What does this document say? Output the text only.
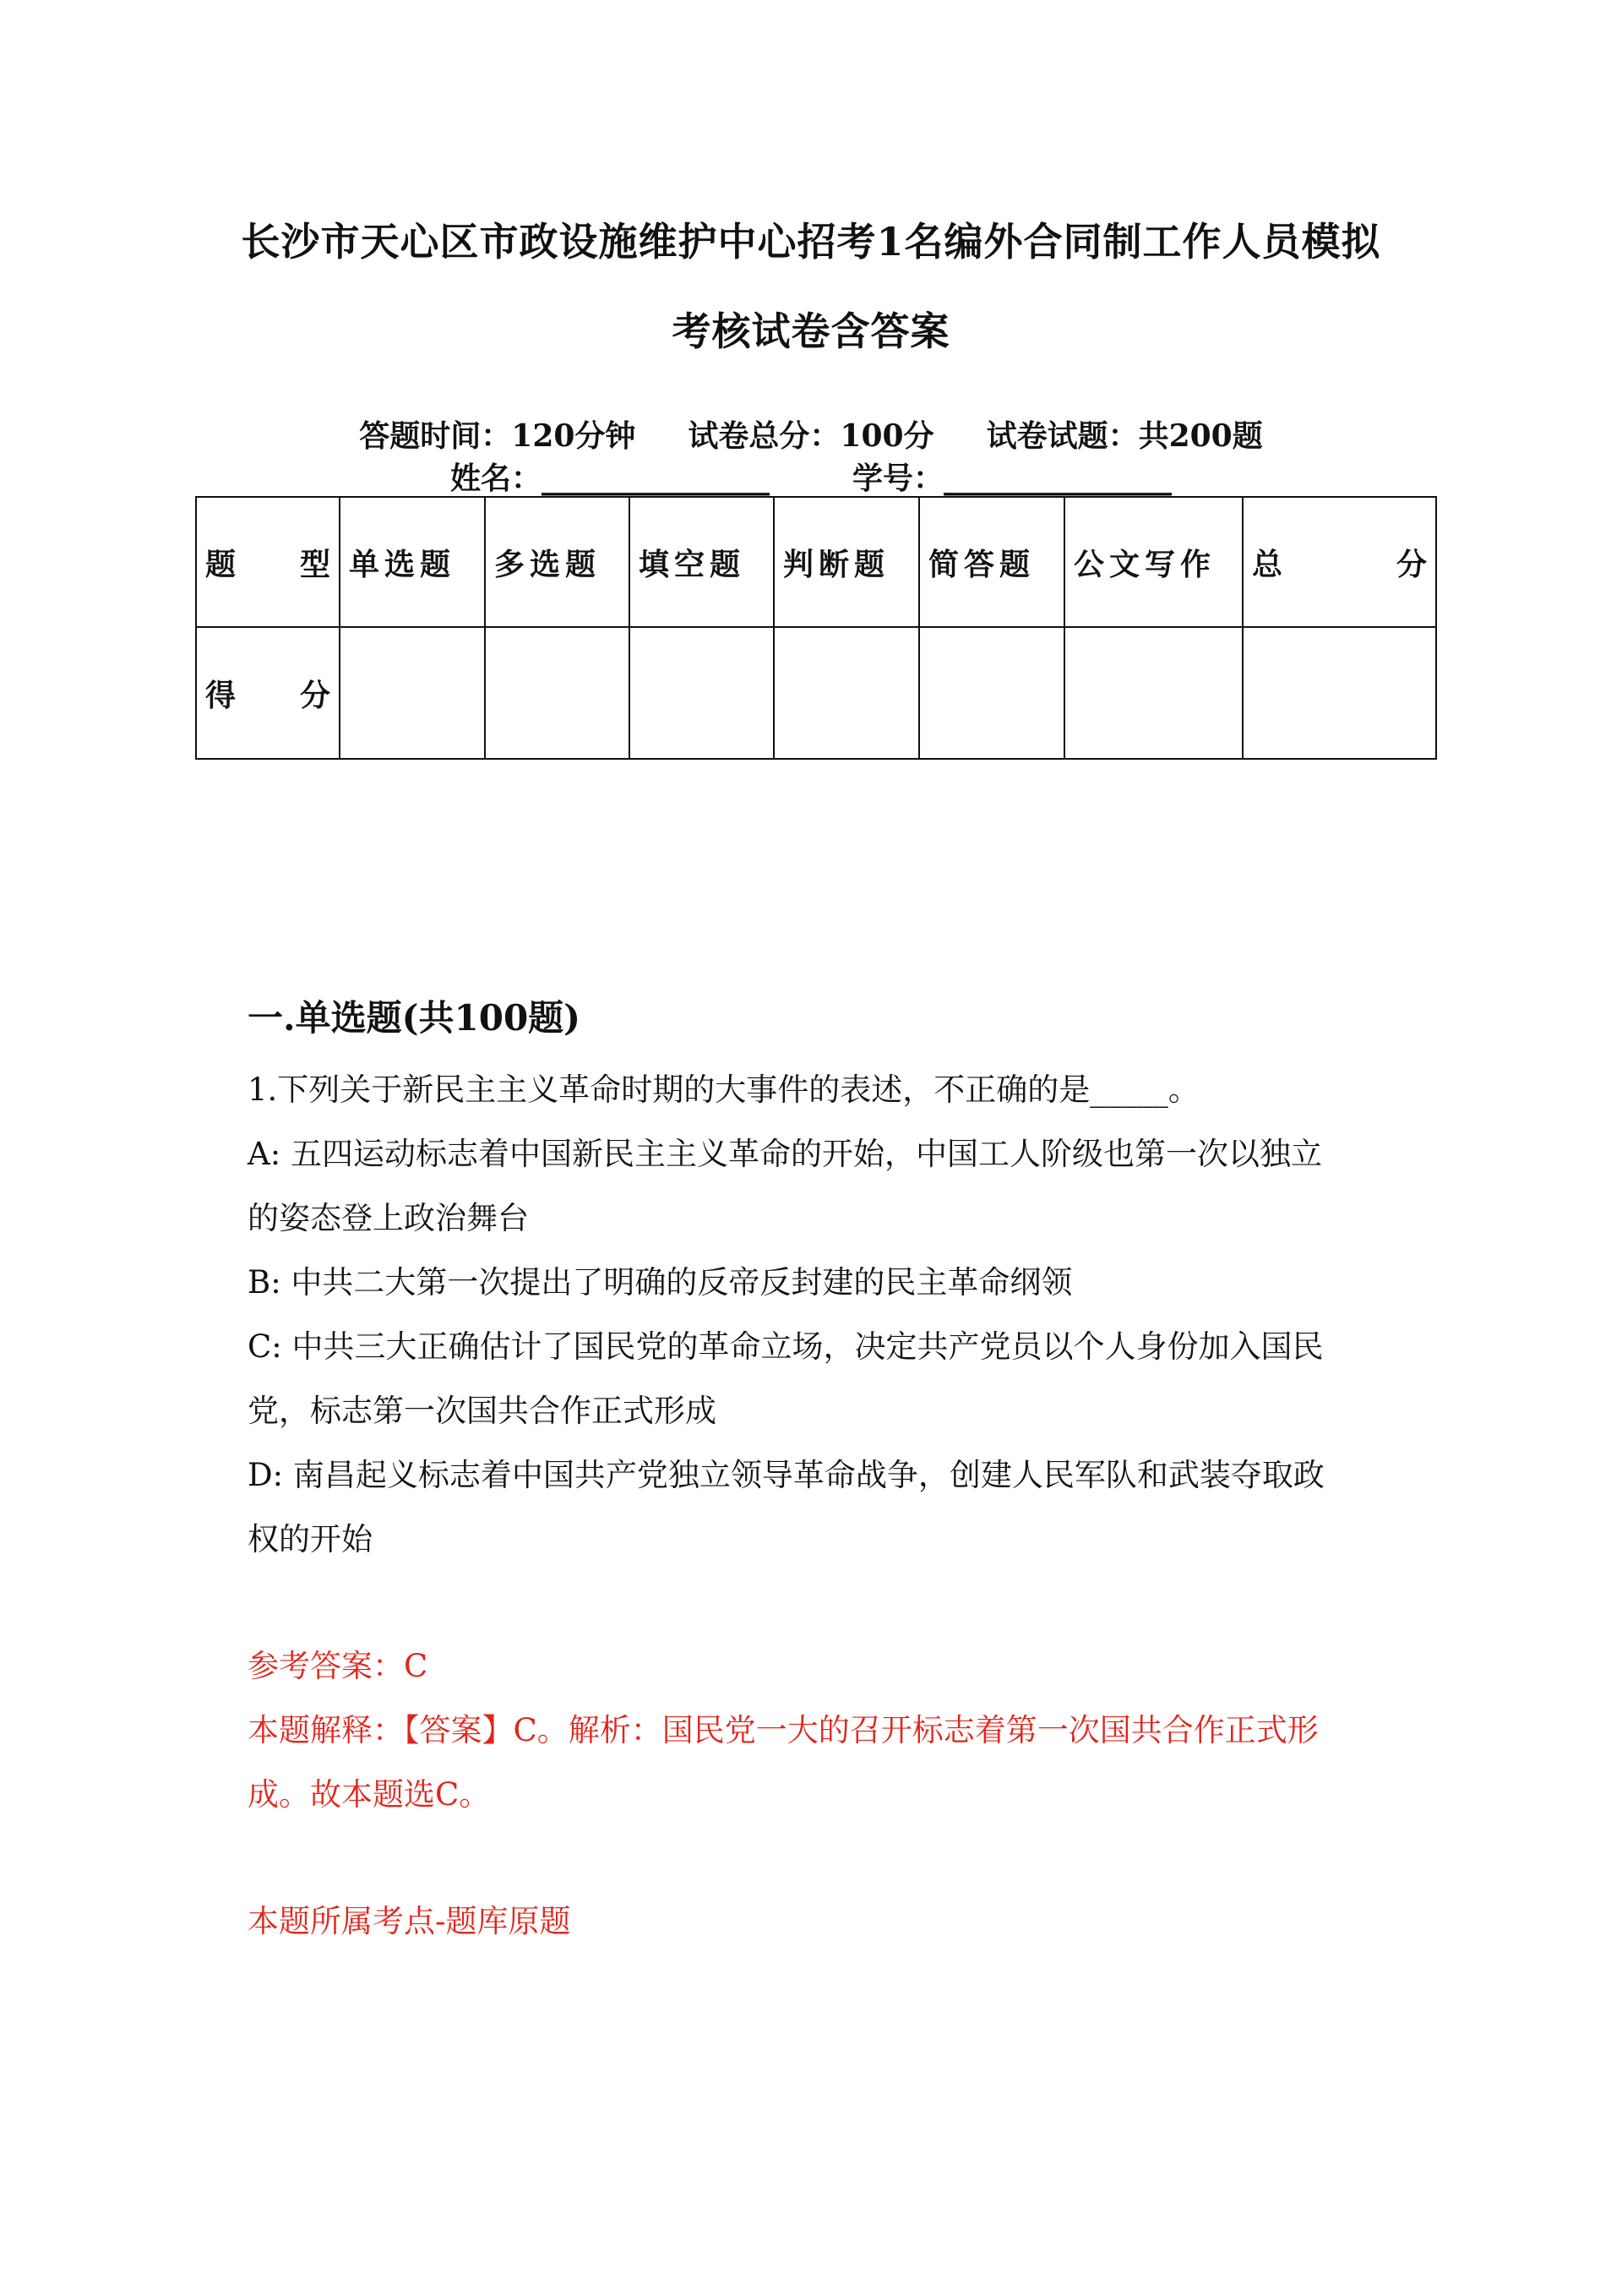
长沙市天心区市政设施维护中心招考1名编外合同制工作人员模拟
考核试卷含答案
答题时间：120分钟 试卷总分：100分 试卷试题：共200题
姓名：_______________	学号：_______________
题 型	单选题	多选题	填空题	判断题	简答题	公文写作	总 分

得 分							

一.单选题(共100题)
1.下列关于新民主主义革命时期的大事件的表述，不正确的是_____。
A: 五四运动标志着中国新民主主义革命的开始，中国工人阶级也第一次以独立
的姿态登上政治舞台
B: 中共二大第一次提出了明确的反帝反封建的民主革命纲领
C: 中共三大正确估计了国民党的革命立场，决定共产党员以个人身份加入国民
党，标志第一次国共合作正式形成
D: 南昌起义标志着中国共产党独立领导革命战争，创建人民军队和武装夺取政
权的开始
参考答案：C
本题解释：【答案】C。解析：国民党一大的召开标志着第一次国共合作正式形
成。故本题选C。
本题所属考点-题库原题
